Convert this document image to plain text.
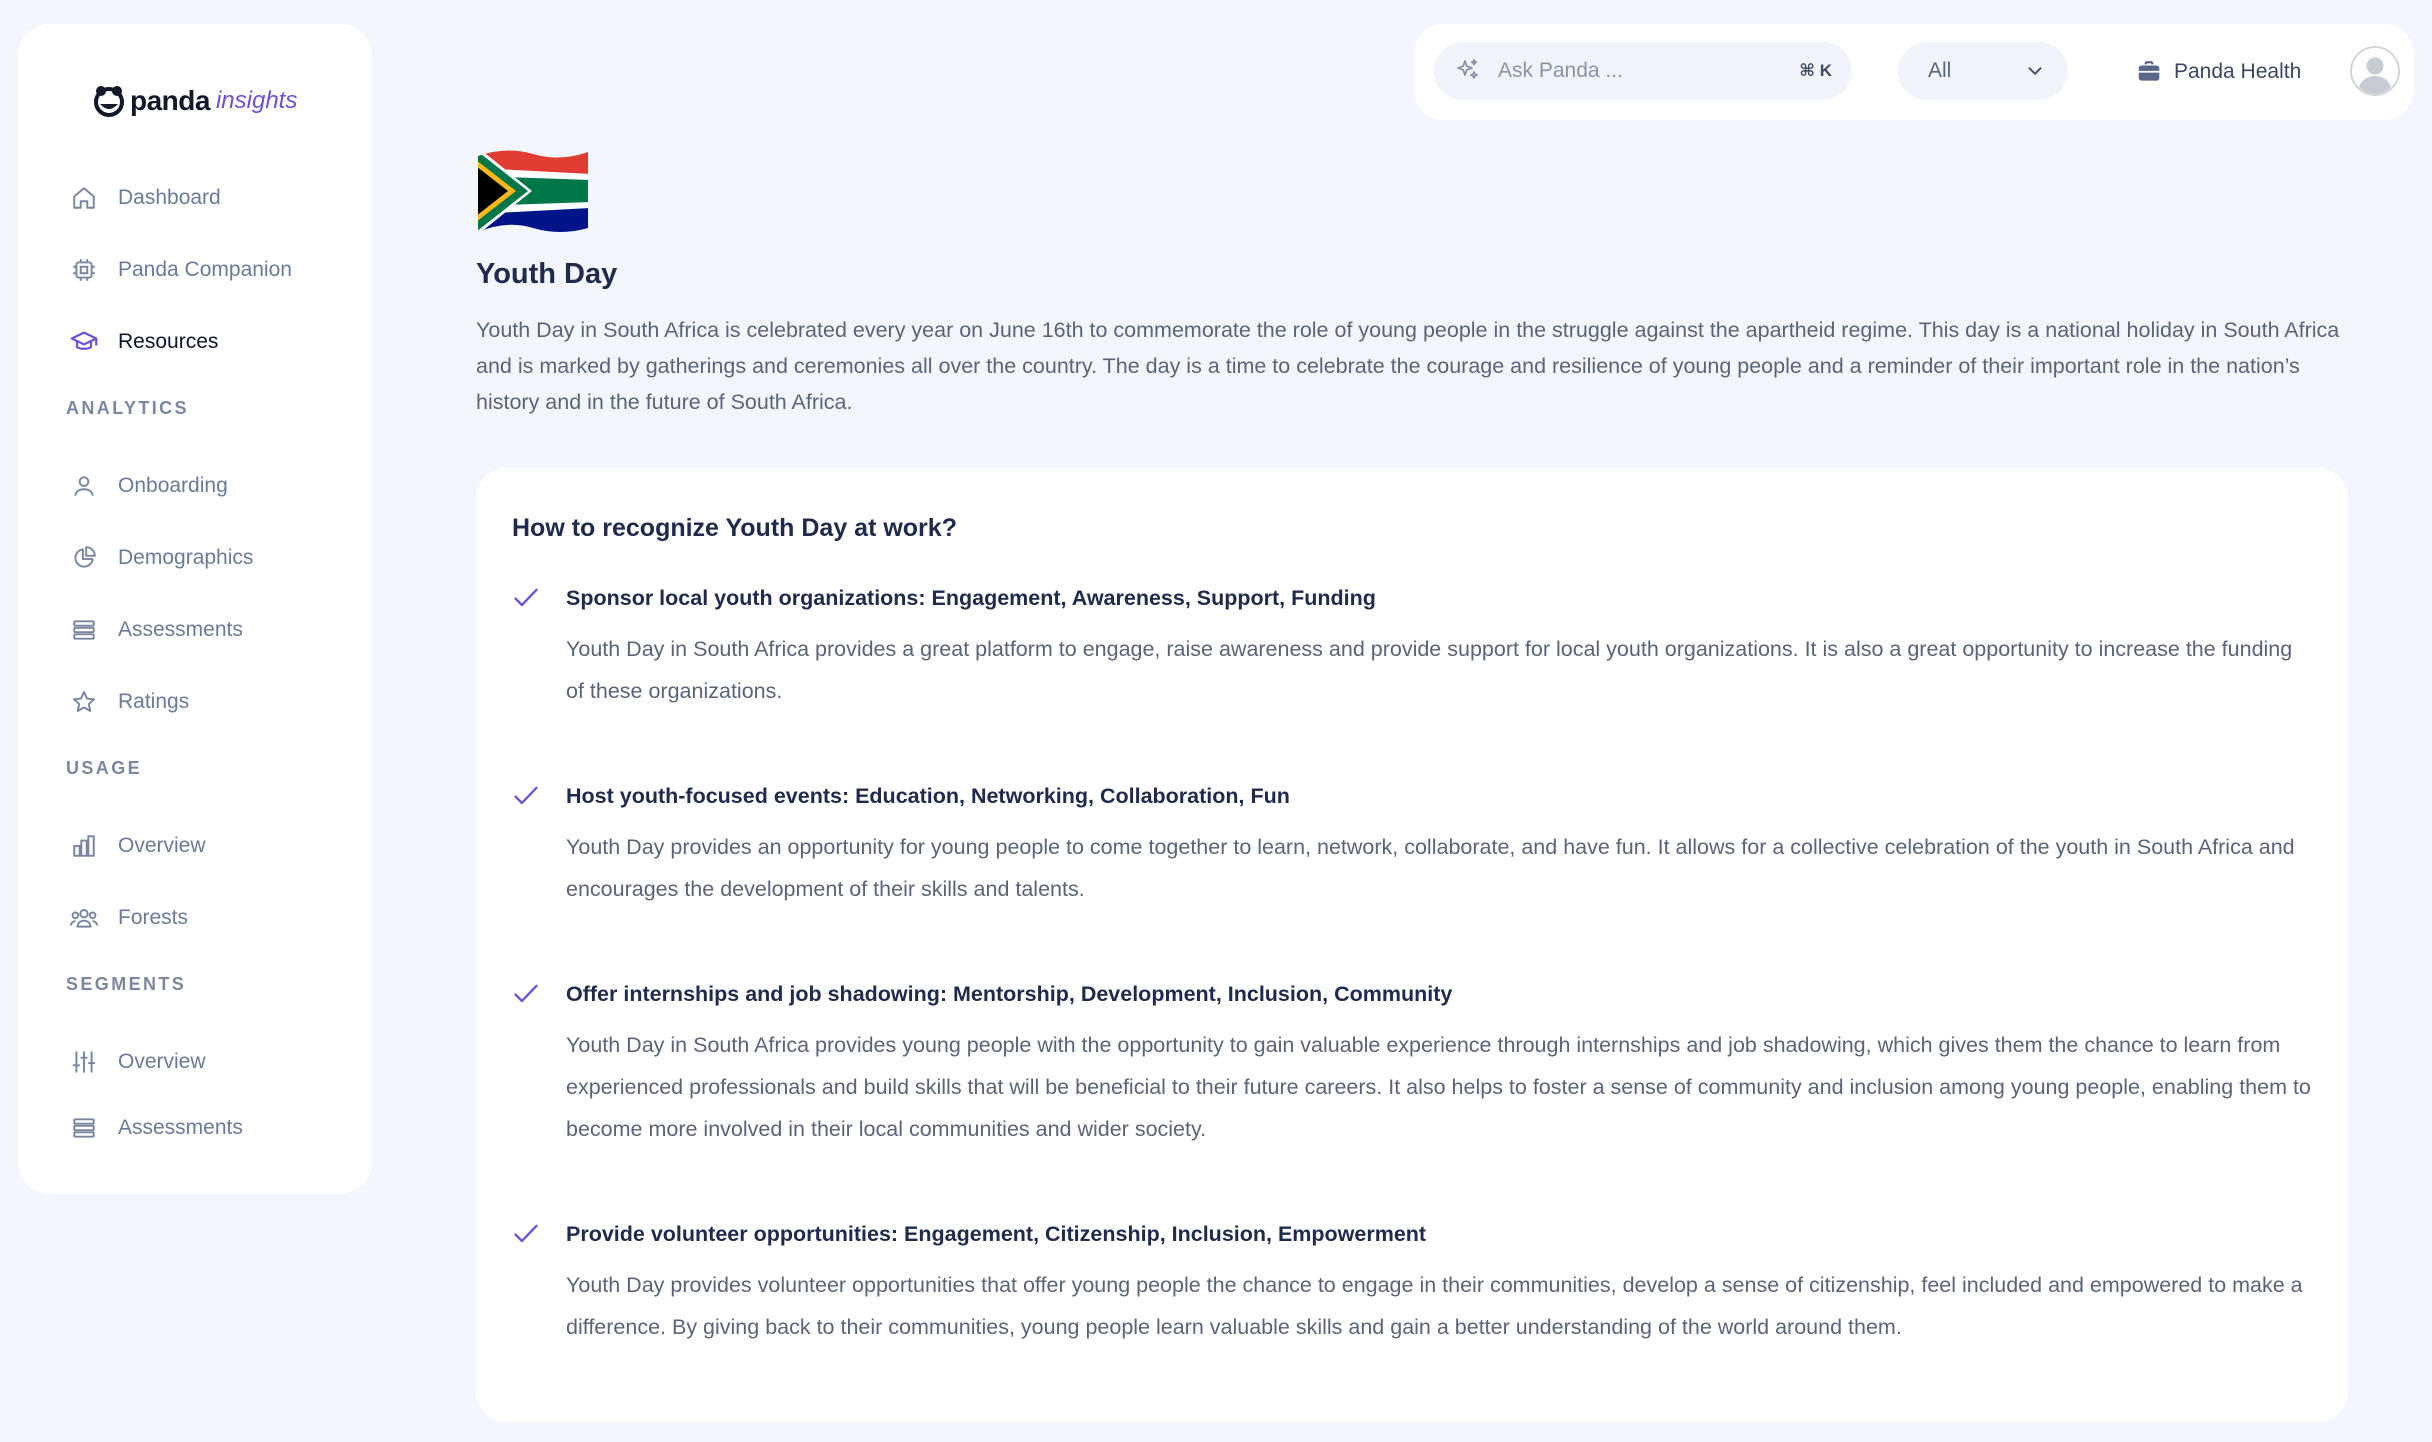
panda insights
Dashboard
Panda Companion
Resources
ANALYTICS
Onboarding
Demographics
Assessments
Ratings
USAGE
Overview
Forests
SEGMENTS
Overview
Assessments
Ask Panda ...
⌘ K	All	Panda Health
Youth Day

Youth Day in South Africa is celebrated every year on June 16th to commemorate the role of young people in the struggle against the apartheid regime. This day is a national holiday in South Africa and is marked by gatherings and ceremonies all over the country. The day is a time to celebrate the courage and resilience of young people and a reminder of their important role in the nation’s history and in the future of South Africa.

How to recognize Youth Day at work?
Sponsor local youth organizations: Engagement, Awareness, Support, Funding

Youth Day in South Africa provides a great platform to engage, raise awareness and provide support for local youth organizations. It is also a great opportunity to increase the funding of these organizations.

Host youth-focused events: Education, Networking, Collaboration, Fun

Youth Day provides an opportunity for young people to come together to learn, network, collaborate, and have fun. It allows for a collective celebration of the youth in South Africa and encourages the development of their skills and talents.

Offer internships and job shadowing: Mentorship, Development, Inclusion, Community

Youth Day in South Africa provides young people with the opportunity to gain valuable experience through internships and job shadowing, which gives them the chance to learn from experienced professionals and build skills that will be beneficial to their future careers. It also helps to foster a sense of community and inclusion among young people, enabling them to become more involved in their local communities and wider society.

Provide volunteer opportunities: Engagement, Citizenship, Inclusion, Empowerment

Youth Day provides volunteer opportunities that offer young people the chance to engage in their communities, develop a sense of citizenship, feel included and empowered to make a difference. By giving back to their communities, young people learn valuable skills and gain a better understanding of the world around them.
